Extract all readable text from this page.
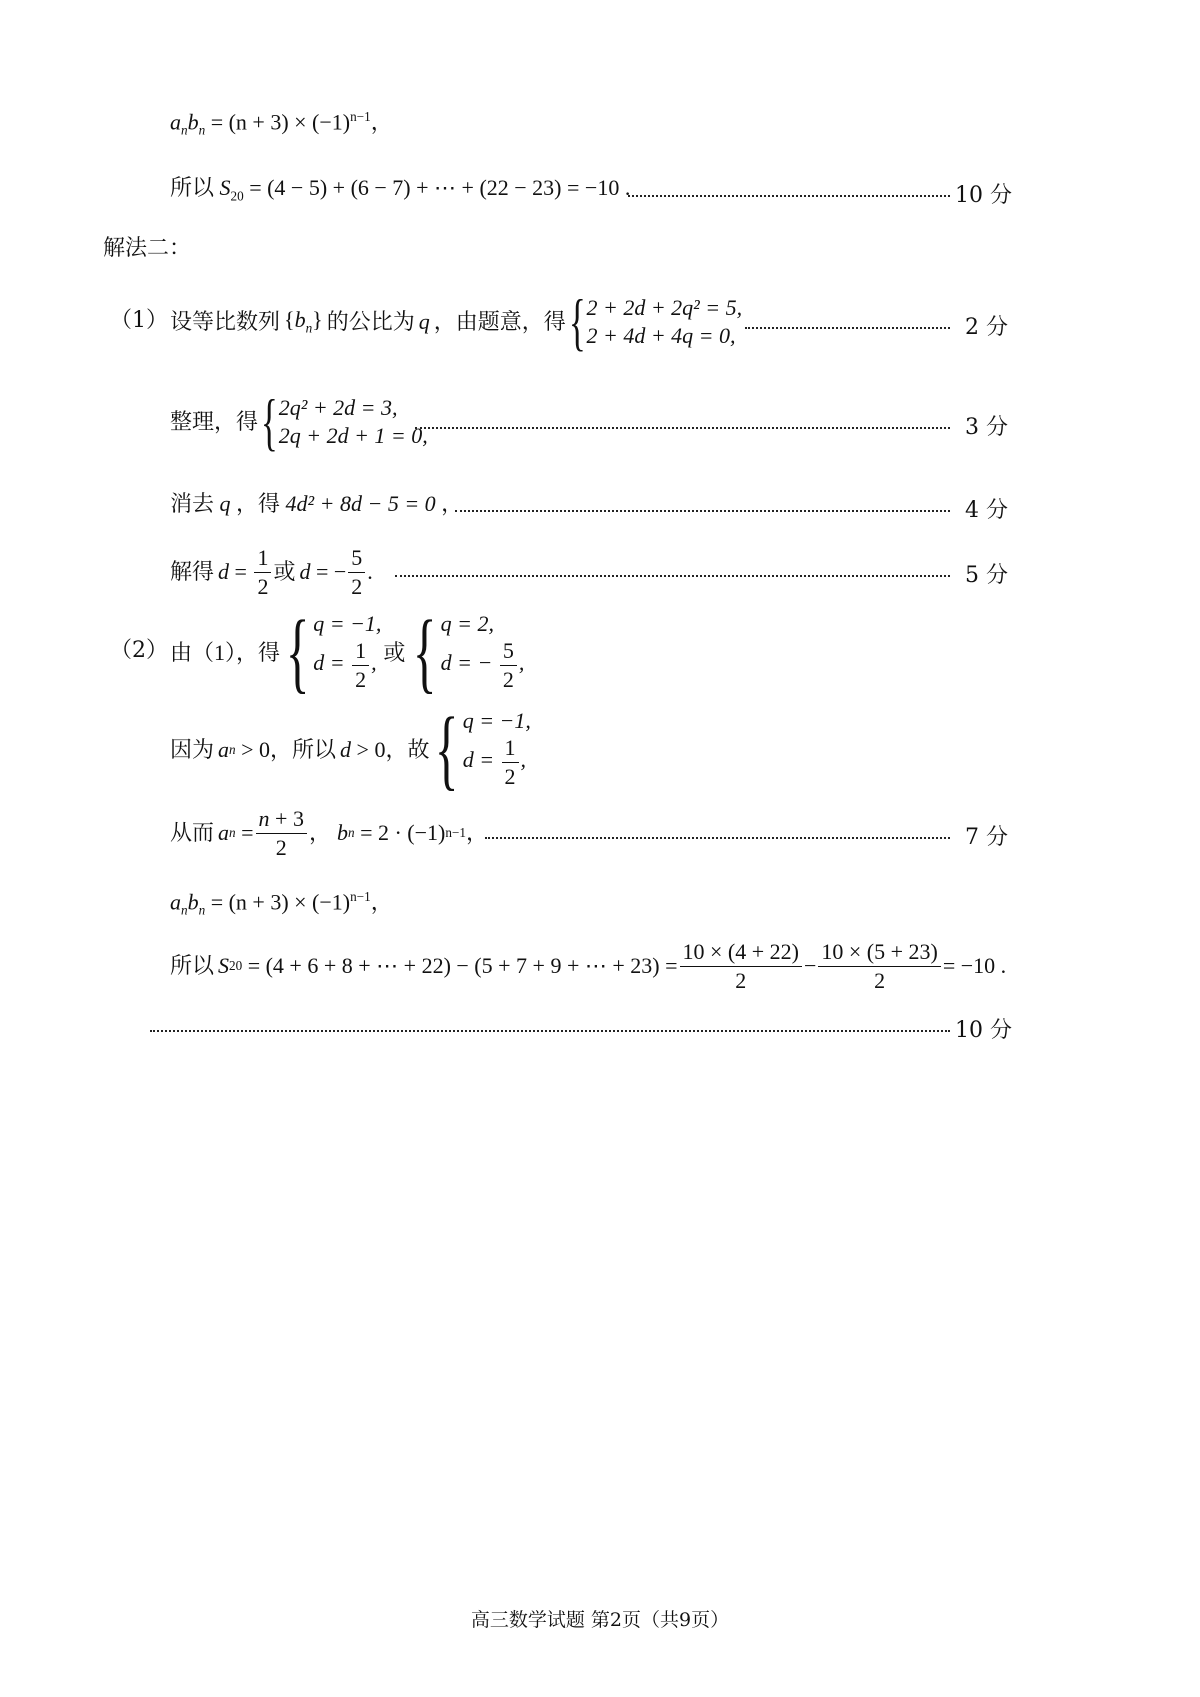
$a_nb_n = (n + 3) \times (-1)^{n-1}$，
所以 $S_{20} = (4 - 5) + (6 - 7)$ + ⋯ + (22 − 23) = −10 .	10 分
解法二：
（1） 设等比数列 $\{b_n\}$ 的公比为 q ，由题意，得 { 2 + 2d + 2q² = 5,
2 + 4d + 4q = 0,	2 分
整理，得 { 2q² + 2d = 3,
2q + 2d + 1 = 0,	3 分
消去 q ，得 4d² + 8d − 5 = 0 ，	4 分
解得 $d = \frac{1}{2}$ 或 d = − $\frac{5}{2}$ .	5 分
（2） 由（1），得 { q = −1,
$d = \frac{1}{2}$ , 或 { q = 2,
d = − $\frac{5}{2}$ ,
因为 a n > 0 ，所以 d > 0 ，故 { q = −1,
$d = \frac{1}{2}$ ,
从而 a $n = \frac{n + 3}{2}$ ， b n
= 2 · (−1) n−1 ，	7 分
$a_nb_n = (n + 3) \times (-1)^{n-1}$，
所以 S 20
= (4 + 6 + 8 + ⋯ + 22) − (5 + 7 + 9 + ⋯ + $23) = \frac{10 \times (4 + 22)}{2} - \frac{10 \times (5 + 23)}{2} = -10$ .
10 分
高三数学试题 第2页（共9页）
